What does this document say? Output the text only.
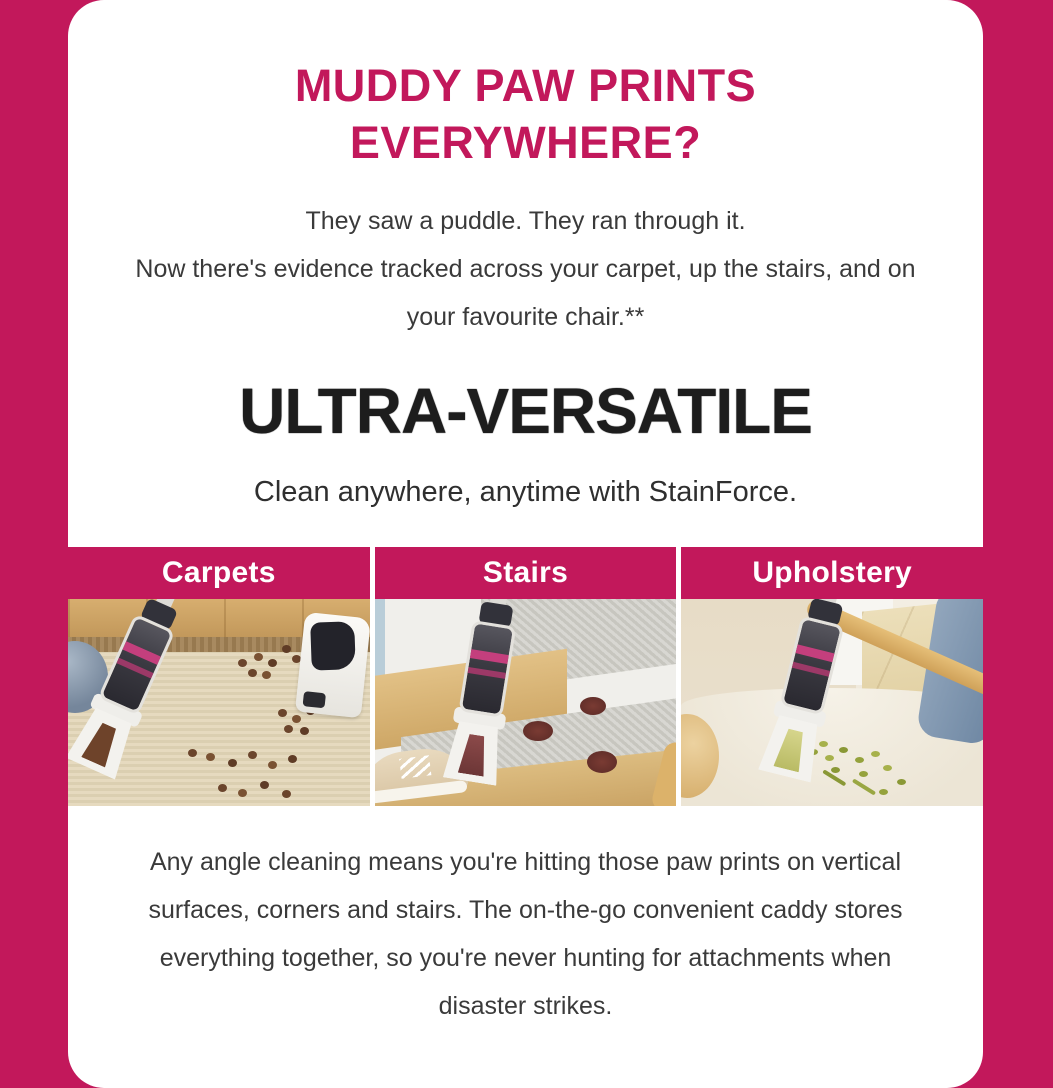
MUDDY PAW PRINTS
EVERYWHERE?

They saw a puddle. They ran through it.
Now there's evidence tracked across your carpet, up the stairs, and on your favourite chair.**

ULTRA-VERSATILE

Clean anywhere, anytime with StainForce.

Carpets	Stairs	Upholstery

Any angle cleaning means you're hitting those paw prints on vertical surfaces, corners and stairs. The on-the-go convenient caddy stores everything together, so you're never hunting for attachments when disaster strikes.
